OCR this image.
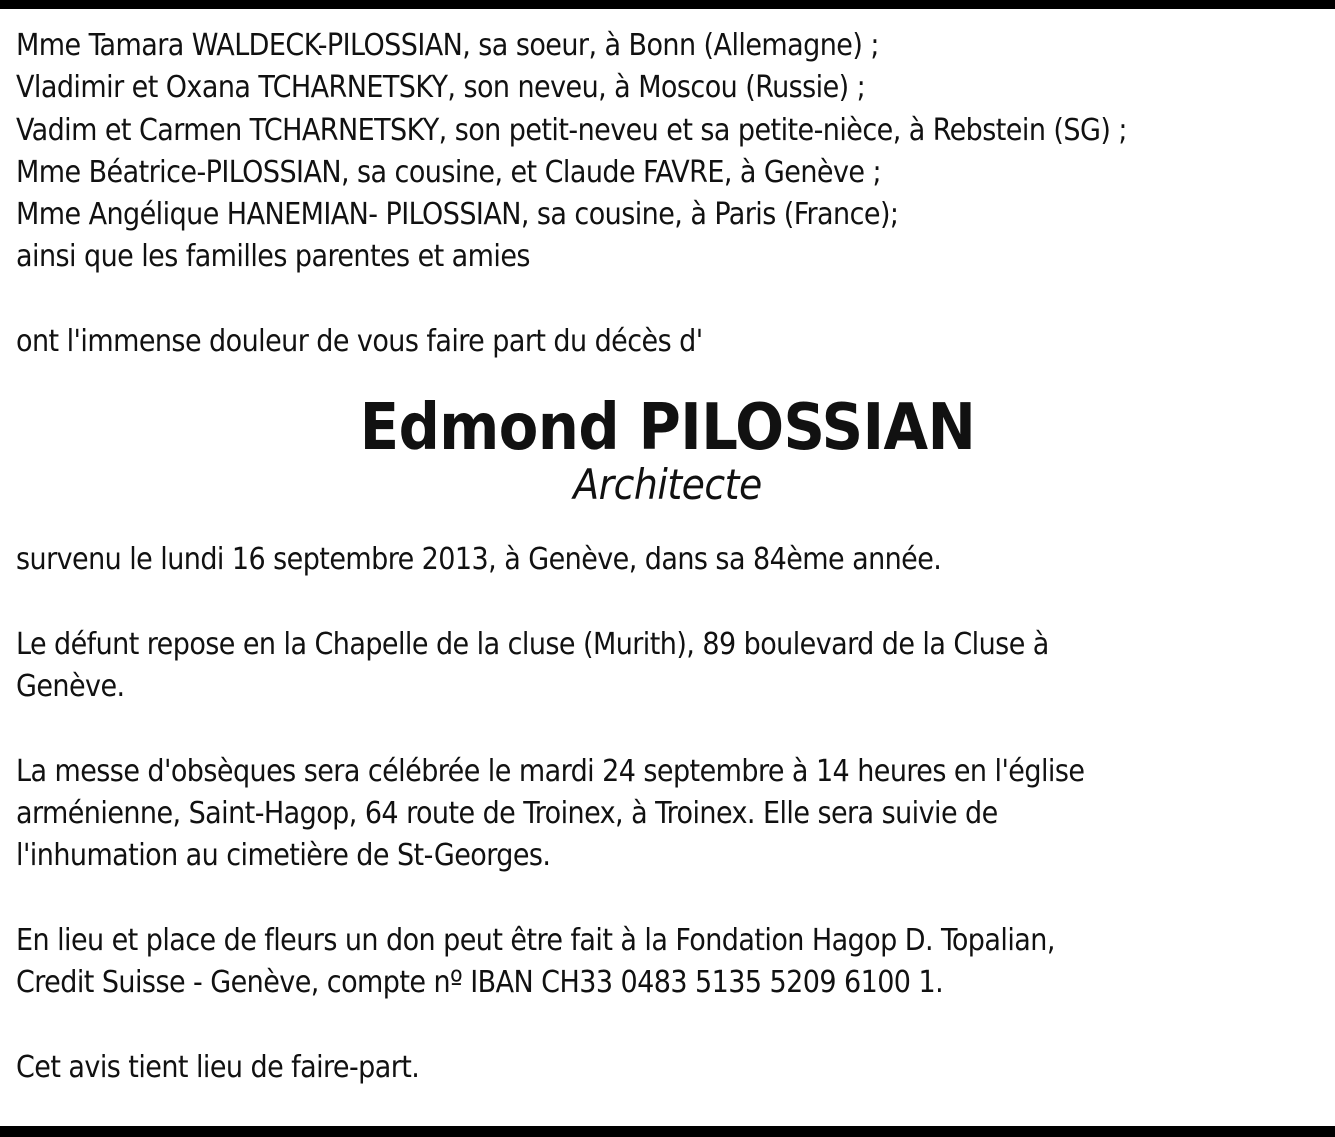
Mme Tamara WALDECK-PILOSSIAN, sa soeur, à Bonn (Allemagne) ;
Vladimir et Oxana TCHARNETSKY, son neveu, à Moscou (Russie) ;
Vadim et Carmen TCHARNETSKY, son petit-neveu et sa petite-nièce, à Rebstein (SG) ;
Mme Béatrice-PILOSSIAN, sa cousine, et Claude FAVRE, à Genève ;
Mme Angélique HANEMIAN- PILOSSIAN, sa cousine, à Paris (France);
ainsi que les familles parentes et amies
ont l'immense douleur de vous faire part du décès d'
Edmond PILOSSIAN
Architecte
survenu le lundi 16 septembre 2013, à Genève, dans sa 84ème année.
Le défunt repose en la Chapelle de la cluse (Murith), 89 boulevard de la Cluse à
Genève.
La messe d'obsèques sera célébrée le mardi 24 septembre à 14 heures en l'église
arménienne, Saint-Hagop, 64 route de Troinex, à Troinex. Elle sera suivie de
l'inhumation au cimetière de St-Georges.
En lieu et place de fleurs un don peut être fait à la Fondation Hagop D. Topalian,
Credit Suisse - Genève, compte nº IBAN CH33 0483 5135 5209 6100 1.
Cet avis tient lieu de faire-part.
